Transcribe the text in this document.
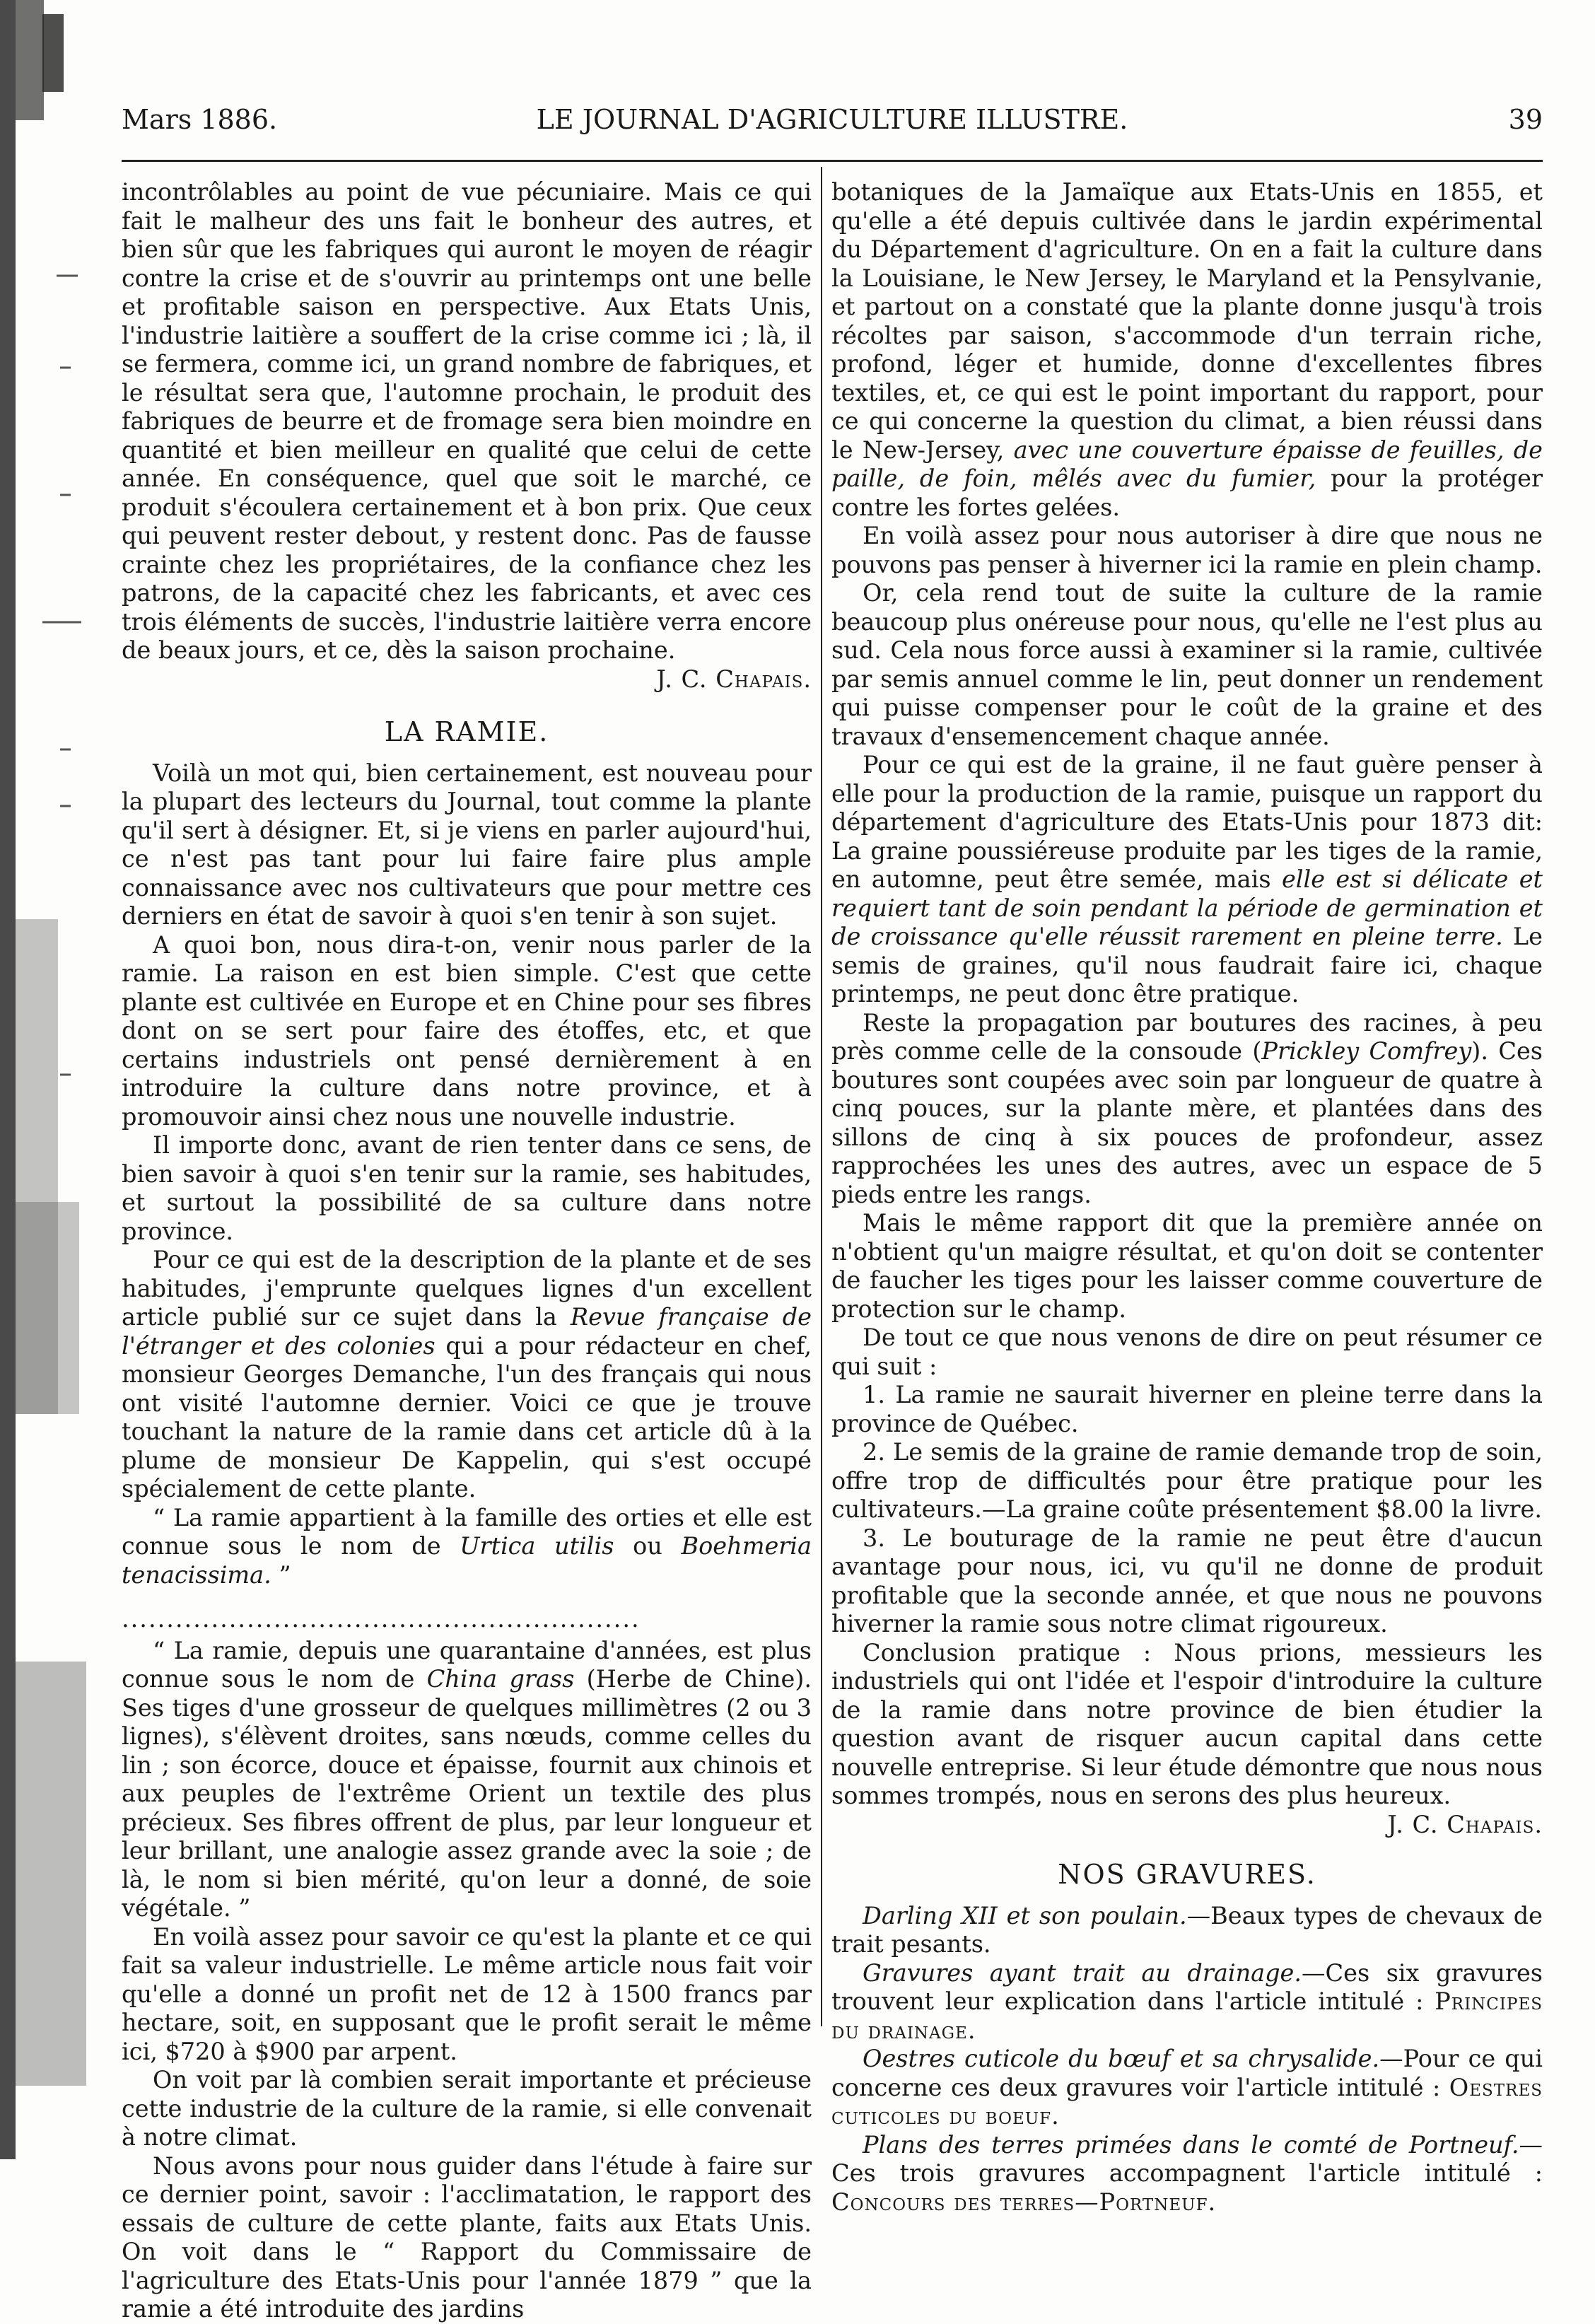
Mars 1886.	LE JOURNAL D'AGRICULTURE ILLUSTRE.	39

incontrôlables au point de vue pécuniaire. Mais ce qui fait le malheur des uns fait le bonheur des autres, et bien sûr que les fabriques qui auront le moyen de réagir contre la crise et de s'ouvrir au printemps ont une belle et profitable saison en perspective. Aux Etats Unis, l'industrie laitière a souffert de la crise comme ici ; là, il se fermera, comme ici, un grand nombre de fabriques, et le résultat sera que, l'automne prochain, le produit des fabriques de beurre et de fromage sera bien moindre en quantité et bien meilleur en qualité que celui de cette année. En conséquence, quel que soit le marché, ce produit s'écoulera certainement et à bon prix. Que ceux qui peuvent rester debout, y restent donc. Pas de fausse crainte chez les propriétaires, de la confiance chez les patrons, de la capacité chez les fabricants, et avec ces trois éléments de succès, l'industrie laitière verra encore de beaux jours, et ce, dès la saison prochaine.

J. C. Chapais.
LA RAMIE.

Voilà un mot qui, bien certainement, est nouveau pour la plupart des lecteurs du Journal, tout comme la plante qu'il sert à désigner. Et, si je viens en parler aujourd'hui, ce n'est pas tant pour lui faire faire plus ample connaissance avec nos cultivateurs que pour mettre ces derniers en état de savoir à quoi s'en tenir à son sujet.

A quoi bon, nous dira-t-on, venir nous parler de la ramie. La raison en est bien simple. C'est que cette plante est cultivée en Europe et en Chine pour ses fibres dont on se sert pour faire des étoffes, etc, et que certains industriels ont pensé dernièrement à en introduire la culture dans notre province, et à promouvoir ainsi chez nous une nouvelle industrie.

Il importe donc, avant de rien tenter dans ce sens, de bien savoir à quoi s'en tenir sur la ramie, ses habitudes, et surtout la possibilité de sa culture dans notre province.

Pour ce qui est de la description de la plante et de ses habitudes, j'emprunte quelques lignes d'un excellent article publié sur ce sujet dans la Revue française de l'étranger et des colonies qui a pour rédacteur en chef, monsieur Georges Demanche, l'un des français qui nous ont visité l'automne dernier. Voici ce que je trouve touchant la nature de la ramie dans cet article dû à la plume de monsieur De Kappelin, qui s'est occupé spécialement de cette plante.

“ La ramie appartient à la famille des orties et elle est connue sous le nom de Urtica utilis ou Boehmeria tenacissima. ”

..........................................................

“ La ramie, depuis une quarantaine d'années, est plus connue sous le nom de China grass (Herbe de Chine). Ses tiges d'une grosseur de quelques millimètres (2 ou 3 lignes), s'élèvent droites, sans nœuds, comme celles du lin ; son écorce, douce et épaisse, fournit aux chinois et aux peuples de l'extrême Orient un textile des plus précieux. Ses fibres offrent de plus, par leur longueur et leur brillant, une analogie assez grande avec la soie ; de là, le nom si bien mérité, qu'on leur a donné, de soie végétale. ”

En voilà assez pour savoir ce qu'est la plante et ce qui fait sa valeur industrielle. Le même article nous fait voir qu'elle a donné un profit net de 12 à 1500 francs par hectare, soit, en supposant que le profit serait le même ici, $720 à $900 par arpent.

On voit par là combien serait importante et précieuse cette industrie de la culture de la ramie, si elle convenait à notre climat.

Nous avons pour nous guider dans l'étude à faire sur ce dernier point, savoir : l'acclimatation, le rapport des essais de culture de cette plante, faits aux Etats Unis. On voit dans le “ Rapport du Commissaire de l'agriculture des Etats-Unis pour l'année 1879 ” que la ramie a été introduite des jardins

botaniques de la Jamaïque aux Etats-Unis en 1855, et qu'elle a été depuis cultivée dans le jardin expérimental du Département d'agriculture. On en a fait la culture dans la Louisiane, le New Jersey, le Maryland et la Pensylvanie, et partout on a constaté que la plante donne jusqu'à trois récoltes par saison, s'accommode d'un terrain riche, profond, léger et humide, donne d'excellentes fibres textiles, et, ce qui est le point important du rapport, pour ce qui concerne la question du climat, a bien réussi dans le New-Jersey, avec une couverture épaisse de feuilles, de paille, de foin, mêlés avec du fumier, pour la protéger contre les fortes gelées.

En voilà assez pour nous autoriser à dire que nous ne pouvons pas penser à hiverner ici la ramie en plein champ.

Or, cela rend tout de suite la culture de la ramie beaucoup plus onéreuse pour nous, qu'elle ne l'est plus au sud. Cela nous force aussi à examiner si la ramie, cultivée par semis annuel comme le lin, peut donner un rendement qui puisse compenser pour le coût de la graine et des travaux d'ensemencement chaque année.

Pour ce qui est de la graine, il ne faut guère penser à elle pour la production de la ramie, puisque un rapport du département d'agriculture des Etats-Unis pour 1873 dit: La graine poussiéreuse produite par les tiges de la ramie, en automne, peut être semée, mais elle est si délicate et requiert tant de soin pendant la période de germination et de croissance qu'elle réussit rarement en pleine terre. Le semis de graines, qu'il nous faudrait faire ici, chaque printemps, ne peut donc être pratique.

Reste la propagation par boutures des racines, à peu près comme celle de la consoude (Prickley Comfrey). Ces boutures sont coupées avec soin par longueur de quatre à cinq pouces, sur la plante mère, et plantées dans des sillons de cinq à six pouces de profondeur, assez rapprochées les unes des autres, avec un espace de 5 pieds entre les rangs.

Mais le même rapport dit que la première année on n'obtient qu'un maigre résultat, et qu'on doit se contenter de faucher les tiges pour les laisser comme couverture de protection sur le champ.

De tout ce que nous venons de dire on peut résumer ce qui suit :

1. La ramie ne saurait hiverner en pleine terre dans la province de Québec.

2. Le semis de la graine de ramie demande trop de soin, offre trop de difficultés pour être pratique pour les cultivateurs.—La graine coûte présentement $8.00 la livre.

3. Le bouturage de la ramie ne peut être d'aucun avantage pour nous, ici, vu qu'il ne donne de produit profitable que la seconde année, et que nous ne pouvons hiverner la ramie sous notre climat rigoureux.

Conclusion pratique : Nous prions, messieurs les industriels qui ont l'idée et l'espoir d'introduire la culture de la ramie dans notre province de bien étudier la question avant de risquer aucun capital dans cette nouvelle entreprise. Si leur étude démontre que nous nous sommes trompés, nous en serons des plus heureux.

J. C. Chapais.
NOS GRAVURES.

Darling XII et son poulain.—Beaux types de chevaux de trait pesants.

Gravures ayant trait au drainage.—Ces six gravures trouvent leur explication dans l'article intitulé : Principes du drainage.

Oestres cuticole du bœuf et sa chrysalide.—Pour ce qui concerne ces deux gravures voir l'article intitulé : Oestres cuticoles du boeuf.

Plans des terres primées dans le comté de Portneuf.—Ces trois gravures accompagnent l'article intitulé : Concours des terres—Portneuf.
